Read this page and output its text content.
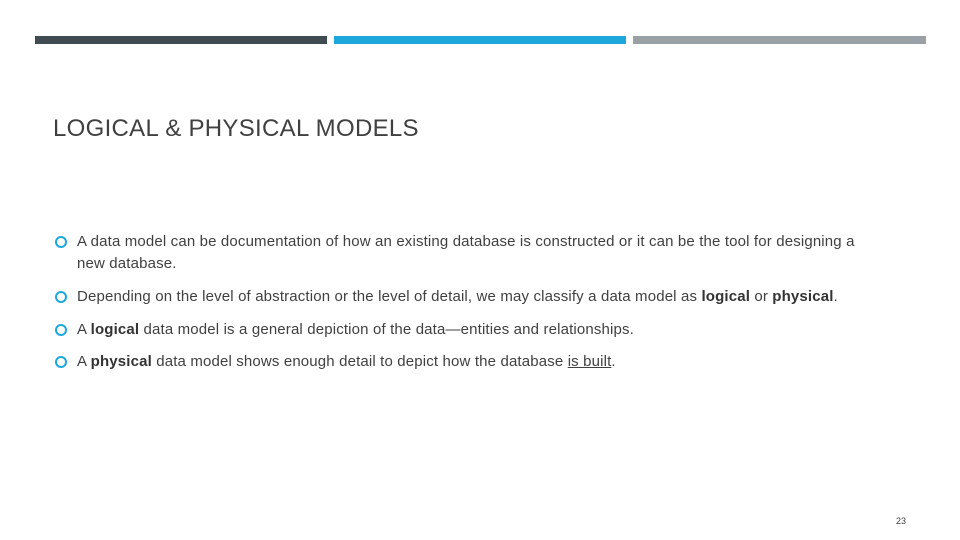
LOGICAL & PHYSICAL MODELS
A data model can be documentation of how an existing database is constructed or it can be the tool for designing a new database.
Depending on the level of abstraction or the level of detail, we may classify a data model as logical or physical.
A logical data model is a general depiction of the data—entities and relationships.
A physical data model shows enough detail to depict how the database is built.
23
